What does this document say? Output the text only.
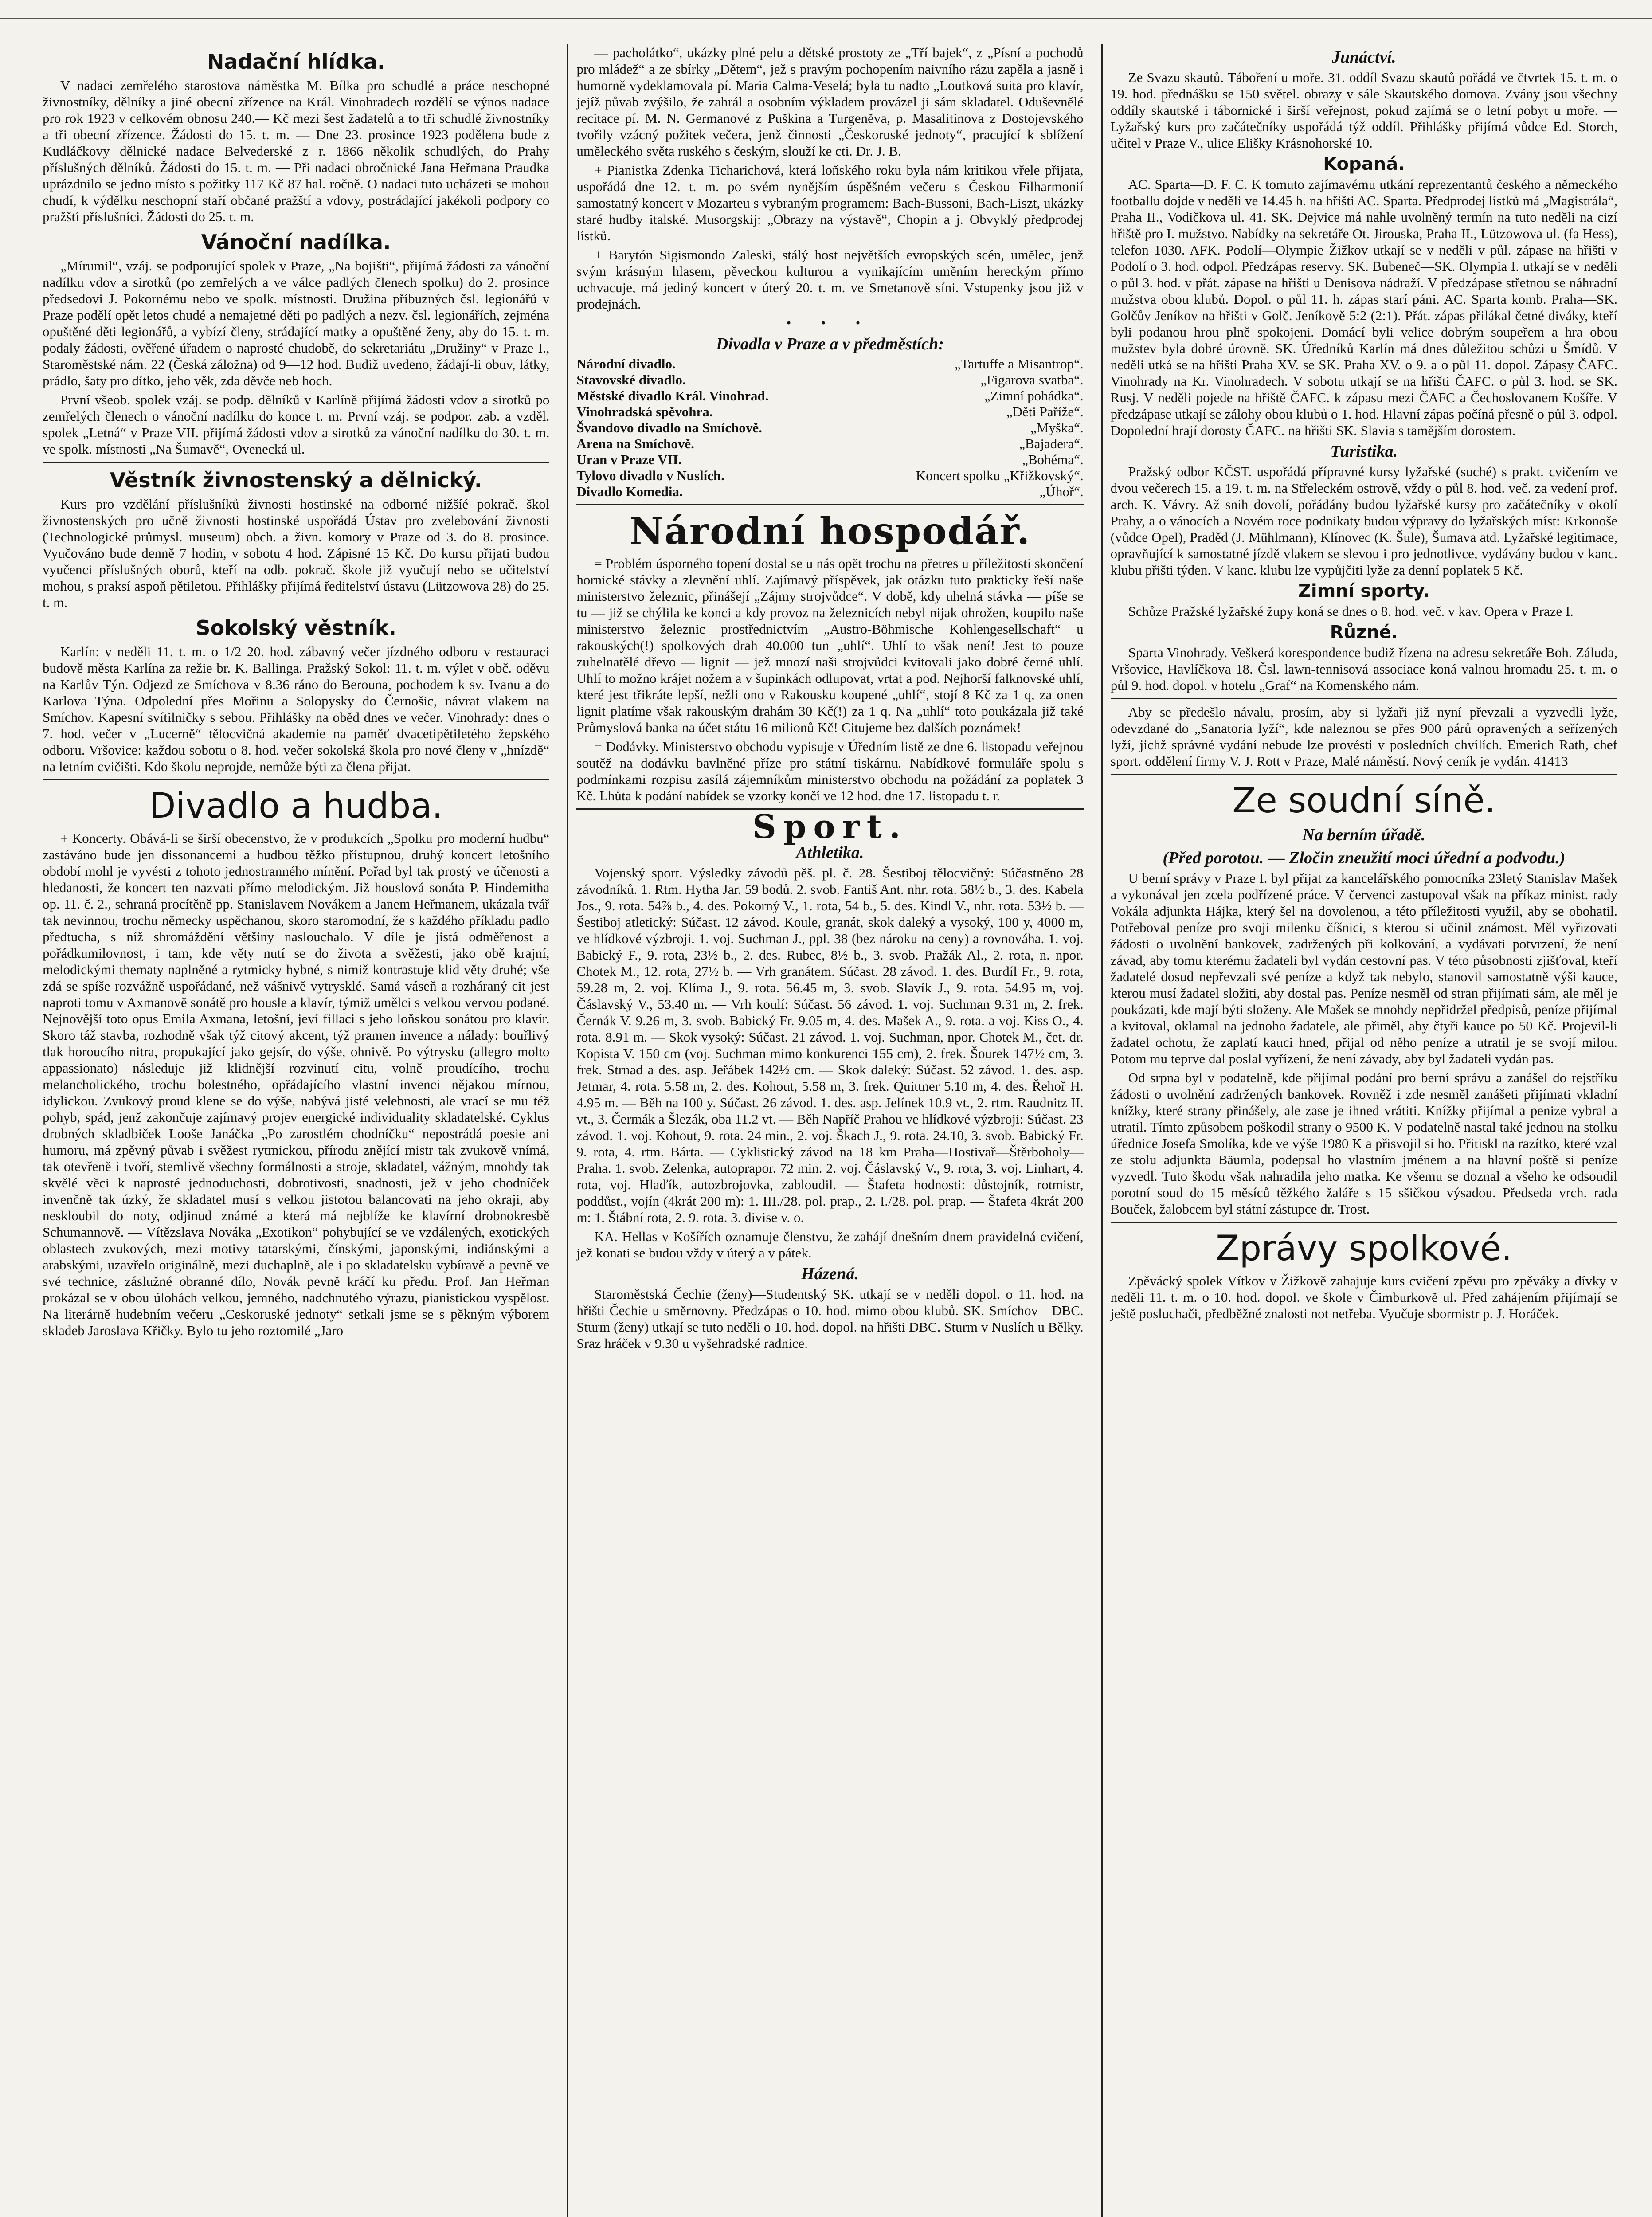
Nadační hlídka.

V nadaci zemřelého starostova náměstka M. Bílka pro schudlé a práce neschopné živnostníky, dělníky a jiné obecní zřízence na Král. Vinohradech rozdělí se výnos nadace pro rok 1923 v celkovém obnosu 240.— Kč mezi šest žadatelů a to tři schudlé živnostníky a tři obecní zřízence. Žádosti do 15. t. m. — Dne 23. prosince 1923 podělena bude z Kudláčkovy dělnické nadace Belvederské z r. 1866 několik schudlých, do Prahy příslušných dělníků. Žádosti do 15. t. m. — Při nadaci obročnické Jana Heřmana Praudka uprázdnilo se jedno místo s požitky 117 Kč 87 hal. ročně. O nadaci tuto ucházeti se mohou chudí, k výdělku neschopní staří občané pražští a vdovy, postrádající jakékoli podpory co pražští příslušníci. Žádosti do 25. t. m.

Vánoční nadílka.

„Mírumil“, vzáj. se podporující spolek v Praze, „Na bojišti“, přijímá žádosti za vánoční nadílku vdov a sirotků (po zemřelých a ve válce padlých členech spolku) do 2. prosince předsedovi J. Pokornému nebo ve spolk. místnosti. Družina příbuzných čsl. legionářů v Praze podělí opět letos chudé a nemajetné děti po padlých a nezv. čsl. legionářích, zejména opuštěné děti legionářů, a vybízí členy, strádající matky a opuštěné ženy, aby do 15. t. m. podaly žádosti, ověřené úřadem o naprosté chudobě, do sekretariátu „Družiny“ v Praze I., Staroměstské nám. 22 (Česká záložna) od 9—12 hod. Budiž uvedeno, žádají-li obuv, látky, prádlo, šaty pro dítko, jeho věk, zda děvče neb hoch.

První všeob. spolek vzáj. se podp. dělníků v Karlíně přijímá žádosti vdov a sirotků po zemřelých členech o vánoční nadílku do konce t. m. První vzáj. se podpor. zab. a vzděl. spolek „Letná“ v Praze VII. přijímá žádosti vdov a sirotků za vánoční nadílku do 30. t. m. ve spolk. místnosti „Na Šumavě“, Ovenecká ul.

Věstník živnostenský a dělnický.

Kurs pro vzdělání příslušníků živnosti hostinské na odborné nižšíé pokrač. škol živnostenských pro učně živnosti hostinské uspořádá Ústav pro zvelebování živnosti (Technologické průmysl. museum) obch. a živn. komory v Praze od 3. do 8. prosince. Vyučováno bude denně 7 hodin, v sobotu 4 hod. Zápisné 15 Kč. Do kursu přijati budou vyučenci příslušných oborů, kteří na odb. pokrač. škole již vyučují nebo se učitelství mohou, s praksí aspoň pětiletou. Přihlášky přijímá ředitelství ústavu (Lützowova 28) do 25. t. m.

Sokolský věstník.

Karlín: v neděli 11. t. m. o 1/2 20. hod. zábavný večer jízdného odboru v restauraci budově města Karlína za režie br. K. Ballinga. Pražský Sokol: 11. t. m. výlet v obč. oděvu na Karlův Týn. Odjezd ze Smíchova v 8.36 ráno do Berouna, pochodem k sv. Ivanu a do Karlova Týna. Odpolední přes Mořinu a Solopysky do Černošic, návrat vlakem na Smíchov. Kapesní svítilničky s sebou. Přihlášky na oběd dnes ve večer. Vinohrady: dnes o 7. hod. večer v „Lucerně“ tělocvičná akademie na paměť dvacetipětiletého žepského odboru. Vršovice: každou sobotu o 8. hod. večer sokolská škola pro nové členy v „hnízdě“ na letním cvičišti. Kdo školu neprojde, nemůže býti za člena přijat.

Divadlo a hudba.

+ Koncerty. Obává-li se širší obecenstvo, že v produkcích „Spolku pro moderní hudbu“ zastáváno bude jen dissonancemi a hudbou těžko přístupnou, druhý koncert letošního období mohl je vyvésti z tohoto jednostranného mínění. Pořad byl tak prostý ve účenosti a hledanosti, že koncert ten nazvati přímo melodickým. Již houslová sonáta P. Hindemitha op. 11. č. 2., sehraná procítěně pp. Stanislavem Novákem a Janem Heřmanem, ukázala tvář tak nevinnou, trochu německy uspěchanou, skoro staromodní, že s každého příkladu padlo předtucha, s níž shromáždění většiny naslouchalo. V díle je jistá odměřenost a pořádkumilovnost, i tam, kde věty nutí se do života a svěžesti, jako obě krajní, melodickými thematy naplněné a rytmicky hybné, s nimiž kontrastuje klid věty druhé; vše zdá se spíše rozvážně uspořádané, než vášnivě vytrysklé. Samá váseň a rozháraný cit jest naproti tomu v Axmanově sonátě pro housle a klavír, týmiž umělci s velkou vervou podané. Nejnovější toto opus Emila Axmana, letošní, jeví fillaci s jeho loňskou sonátou pro klavír. Skoro táž stavba, rozhodně však týž citový akcent, týž pramen invence a nálady: bouřlivý tlak horoucího nitra, propukající jako gejsír, do výše, ohnivě. Po výtrysku (allegro molto appassionato) následuje již klidnější rozvinutí citu, volně proudícího, trochu melancholického, trochu bolestného, opřádajícího vlastní invenci nějakou mírnou, idylickou. Zvukový proud klene se do výše, nabývá jisté velebnosti, ale vrací se mu též pohyb, spád, jenž zakončuje zajímavý projev energické individuality skladatelské. Cyklus drobných skladbiček Looše Janáčka „Po zarostlém chodníčku“ nepostrádá poesie ani humoru, má zpěvný půvab i svěžest rytmickou, přírodu znějící mistr tak zvukově vnímá, tak otevřeně i tvoří, stemlivě všechny formálnosti a stroje, skladatel, vážným, mnohdy tak skvělé věci k naprosté jednoduchosti, dobrotivosti, snadnosti, jež v jeho chodníček invenčně tak úzký, že skladatel musí s velkou jistotou balancovati na jeho okraji, aby neskloubil do noty, odjinud známé a která má nejblíže ke klavírní drobnokresbě Schumannově. — Vítězslava Nováka „Exotikon“ pohybující se ve vzdálených, exotických oblastech zvukových, mezi motivy tatarskými, čínskými, japonskými, indiánskými a arabskými, uzavřelo originálně, mezi duchaplně, ale i po skladatelsku vybíravě a pevně ve své technice, záslužné obranné dílo, Novák pevně kráčí ku předu. Prof. Jan Heřman prokázal se v obou úlohách velkou, jemného, nadchnutého výrazu, pianistickou vyspělost. Na literárně hudebním večeru „Ceskoruské jednoty“ setkali jsme se s pěkným výborem skladeb Jaroslava Křičky. Bylo tu jeho roztomilé „Jaro

— pacholátko“, ukázky plné pelu a dětské prostoty ze „Tří bajek“, z „Písní a pochodů pro mládež“ a ze sbírky „Dětem“, jež s pravým pochopením naivního rázu zapěla a jasně i humorně vydeklamovala pí. Maria Calma-Veselá; byla tu nadto „Loutková suita pro klavír, jejíž půvab zvýšilo, že zahrál a osobním výkladem provázel ji sám skladatel. Oduševnělé recitace pí. M. N. Germanové z Puškina a Turgeněva, p. Masalitinova z Dostojevského tvořily vzácný požitek večera, jenž činnosti „Českoruské jednoty“, pracující k sblížení uměleckého světa ruského s českým, slouží ke cti. Dr. J. B.

+ Pianistka Zdenka Ticharichová, která loňského roku byla nám kritikou vřele přijata, uspořádá dne 12. t. m. po svém nynějším úspěšném večeru s Českou Filharmonií samostatný koncert v Mozarteu s vybraným programem: Bach-Bussoni, Bach-Liszt, ukázky staré hudby italské. Musorgskij: „Obrazy na výstavě“, Chopin a j. Obvyklý předprodej lístků.

+ Barytón Sigismondo Zaleski, stálý host největších evropských scén, umělec, jenž svým krásným hlasem, pěveckou kulturou a vynikajícím uměním hereckým přímo uchvacuje, má jediný koncert v úterý 20. t. m. ve Smetanově síni. Vstupenky jsou již v prodejnách.

• • •
Divadla v Praze a v předměstích:
Národní divadlo.	„Tartuffe a Misantrop“.
Stavovské divadlo.	„Figarova svatba“.
Městské divadlo Král. Vinohrad.	„Zimní pohádka“.
Vinohradská spěvohra.	„Děti Paříže“.
Švandovo divadlo na Smíchově.	„Myška“.
Arena na Smíchově.	„Bajadera“.
Uran v Praze VII.	„Bohéma“.
Tylovo divadlo v Nuslích.	Koncert spolku „Křižkovský“.
Divadlo Komedia.	„Úhoř“.
Národní hospodář.

= Problém úsporného topení dostal se u nás opět trochu na přetres u příležitosti skončení hornické stávky a zlevnění uhlí. Zajímavý příspěvek, jak otázku tuto prakticky řeší naše ministerstvo železnic, přinášejí „Zájmy strojvůdce“. V době, kdy uhelná stávka — píše se tu — již se chýlila ke konci a kdy provoz na železnicích nebyl nijak ohrožen, koupilo naše ministerstvo železnic prostřednictvím „Austro-Böhmische Kohlengesellschaft“ u rakouských(!) spolkových drah 40.000 tun „uhlí“. Uhlí to však není! Jest to pouze zuhelnatělé dřevo — lignit — jež mnozí naši strojvůdci kvitovali jako dobré černé uhlí. Uhlí to možno krájet nožem a v šupinkách odlupovat, vrtat a pod. Nejhorší falknovské uhlí, které jest třikráte lepší, nežli ono v Rakousku koupené „uhlí“, stojí 8 Kč za 1 q, za onen lignit platíme však rakouským drahám 30 Kč(!) za 1 q. Na „uhlí“ toto poukázala již také Průmyslová banka na účet státu 16 milionů Kč! Citujeme bez dalších poznámek!

= Dodávky. Ministerstvo obchodu vypisuje v Úředním listě ze dne 6. listopadu veřejnou soutěž na dodávku bavlněné příze pro státní tiskárnu. Nabídkové formuláře spolu s podmínkami rozpisu zasílá zájemníkům ministerstvo obchodu na požádání za poplatek 3 Kč. Lhůta k podání nabídek se vzorky končí ve 12 hod. dne 17. listopadu t. r.

Sport.
Athletika.

Vojenský sport. Výsledky závodů pěš. pl. č. 28. Šestiboj tělocvičný: Súčastněno 28 závodníků. 1. Rtm. Hytha Jar. 59 bodů. 2. svob. Fantiš Ant. nhr. rota. 58½ b., 3. des. Kabela Jos., 9. rota. 54⅞ b., 4. des. Pokorný V., 1. rota, 54 b., 5. des. Kindl V., nhr. rota. 53½ b. — Šestiboj atletický: Súčast. 12 závod. Koule, granát, skok daleký a vysoký, 100 y, 4000 m, ve hlídkové výzbroji. 1. voj. Suchman J., ppl. 38 (bez nároku na ceny) a rovnováha. 1. voj. Babický F., 9. rota, 23½ b., 2. des. Rubec, 8½ b., 3. svob. Pražák Al., 2. rota, n. npor. Chotek M., 12. rota, 27½ b. — Vrh granátem. Súčast. 28 závod. 1. des. Burdíl Fr., 9. rota, 59.28 m, 2. voj. Klíma J., 9. rota. 56.45 m, 3. svob. Slavík J., 9. rota. 54.95 m, voj. Čáslavský V., 53.40 m. — Vrh koulí: Súčast. 56 závod. 1. voj. Suchman 9.31 m, 2. frek. Černák V. 9.26 m, 3. svob. Babický Fr. 9.05 m, 4. des. Mašek A., 9. rota. a voj. Kiss O., 4. rota. 8.91 m. — Skok vysoký: Súčast. 21 závod. 1. voj. Suchman, npor. Chotek M., čet. dr. Kopista V. 150 cm (voj. Suchman mimo konkurenci 155 cm), 2. frek. Šourek 147½ cm, 3. frek. Strnad a des. asp. Jeřábek 142½ cm. — Skok daleký: Súčast. 52 závod. 1. des. asp. Jetmar, 4. rota. 5.58 m, 2. des. Kohout, 5.58 m, 3. frek. Quittner 5.10 m, 4. des. Řehoř H. 4.95 m. — Běh na 100 y. Súčast. 26 závod. 1. des. asp. Jelínek 10.9 vt., 2. rtm. Raudnitz II. vt., 3. Čermák a Šlezák, oba 11.2 vt. — Běh Napříč Prahou ve hlídkové výzbroji: Súčast. 23 závod. 1. voj. Kohout, 9. rota. 24 min., 2. voj. Škach J., 9. rota. 24.10, 3. svob. Babický Fr. 9. rota, 4. rtm. Bárta. — Cyklistický závod na 18 km Praha—Hostivař—Štěrboholy—Praha. 1. svob. Zelenka, autoprapor. 72 min. 2. voj. Čáslavský V., 9. rota, 3. voj. Linhart, 4. rota, voj. Hlaďík, autozbrojovka, zabloudil. — Štafeta hodnosti: důstojník, rotmistr, poddůst., vojín (4krát 200 m): 1. III./28. pol. prap., 2. I./28. pol. prap. — Štafeta 4krát 200 m: 1. Štábní rota, 2. 9. rota. 3. divise v. o.

KA. Hellas v Košířích oznamuje členstvu, že zahájí dnešním dnem pravidelná cvičení, jež konati se budou vždy v úterý a v pátek.

Házená.

Staroměstská Čechie (ženy)—Studentský SK. utkají se v neděli dopol. o 11. hod. na hřišti Čechie u směrnovny. Předzápas o 10. hod. mimo obou klubů. SK. Smíchov—DBC. Sturm (ženy) utkají se tuto neděli o 10. hod. dopol. na hřišti DBC. Sturm v Nuslích u Bělky. Sraz hráček v 9.30 u vyšehradské radnice.

Junáctví.

Ze Svazu skautů. Táboření u moře. 31. oddíl Svazu skautů pořádá ve čtvrtek 15. t. m. o 19. hod. přednášku se 150 světel. obrazy v sále Skautského domova. Zvány jsou všechny oddíly skautské i tábornické i širší veřejnost, pokud zajímá se o letní pobyt u moře. — Lyžařský kurs pro začátečníky uspořádá týž oddíl. Přihlášky přijímá vůdce Ed. Storch, učitel v Praze V., ulice Elišky Krásnohorské 10.

Kopaná.

AC. Sparta—D. F. C. K tomuto zajímavému utkání reprezentantů českého a německého footballu dojde v neděli ve 14.45 h. na hřišti AC. Sparta. Předprodej lístků má „Magistrála“, Praha II., Vodičkova ul. 41. SK. Dejvice má nahle uvolněný termín na tuto neděli na cizí hřiště pro I. mužstvo. Nabídky na sekretáře Ot. Jirouska, Praha II., Lützowova ul. (fa Hess), telefon 1030. AFK. Podolí—Olympie Žižkov utkají se v neděli v půl. zápase na hřišti v Podolí o 3. hod. odpol. Předzápas reservy. SK. Bubeneč—SK. Olympia I. utkají se v neděli o půl 3. hod. v přát. zápase na hřišti u Denisova nádraží. V předzápase střetnou se náhradní mužstva obou klubů. Dopol. o půl 11. h. zápas starí páni. AC. Sparta komb. Praha—SK. Golčův Jeníkov na hřišti v Golč. Jeníkově 5:2 (2:1). Přát. zápas přilákal četné diváky, kteří byli podanou hrou plně spokojeni. Domácí byli velice dobrým soupeřem a hra obou mužstev byla dobré úrovně. SK. Úředníků Karlín má dnes důležitou schůzi u Šmídů. V neděli utká se na hřišti Praha XV. se SK. Praha XV. o 9. a o půl 11. dopol. Zápasy ČAFC. Vinohrady na Kr. Vinohradech. V sobotu utkají se na hřišti ČAFC. o půl 3. hod. se SK. Rusj. V neděli pojede na hřiště ČAFC. k zápasu mezi ČAFC a Čechoslovanem Košíře. V předzápase utkají se zálohy obou klubů o 1. hod. Hlavní zápas počíná přesně o půl 3. odpol. Dopolední hrají dorosty ČAFC. na hřišti SK. Slavia s tamějším dorostem.

Turistika.

Pražský odbor KČST. uspořádá přípravné kursy lyžařské (suché) s prakt. cvičením ve dvou večerech 15. a 19. t. m. na Střeleckém ostrově, vždy o půl 8. hod. več. za vedení prof. arch. K. Vávry. Až snih dovolí, pořádány budou lyžařské kursy pro začátečníky v okolí Prahy, a o vánocích a Novém roce podnikaty budou výpravy do lyžařských míst: Krkonoše (vůdce Opel), Praděd (J. Mühlmann), Klínovec (K. Šule), Šumava atd. Lyžařské legitimace, opravňující k samostatné jízdě vlakem se slevou i pro jednotlivce, vydávány budou v kanc. klubu přišti týden. V kanc. klubu lze vypůjčiti lyže za denní poplatek 5 Kč.

Zimní sporty.

Schůze Pražské lyžařské župy koná se dnes o 8. hod. več. v kav. Opera v Praze I.

Různé.

Sparta Vinohrady. Veškerá korespondence budiž řízena na adresu sekretáře Boh. Záluda, Vršovice, Havlíčkova 18. Čsl. lawn-tennisová associace koná valnou hromadu 25. t. m. o půl 9. hod. dopol. v hotelu „Graf“ na Komenského nám.

Aby se předešlo návalu, prosím, aby si lyžaři již nyní převzali a vyzvedli lyže, odevzdané do „Sanatoria lyží“, kde naleznou se přes 900 párů opravených a seřízených lyží, jichž správné vydání nebude lze provésti v posledních chvílích. Emerich Rath, chef sport. oddělení firmy V. J. Rott v Praze, Malé náměstí. Nový ceník je vydán. 41413

Ze soudní síně.
Na berním úřadě.
(Před porotou. — Zločin zneužití moci úřední a podvodu.)

U berní správy v Praze I. byl přijat za kancelářského pomocníka 23letý Stanislav Mašek a vykonával jen zcela podřízené práce. V červenci zastupoval však na příkaz minist. rady Vokála adjunkta Hájka, který šel na dovolenou, a této příležitosti využil, aby se obohatil. Potřeboval peníze pro svoji milenku číšnici, s kterou si učinil známost. Měl vyřizovati žádosti o uvolnění bankovek, zadržených při kolkování, a vydávati potvrzení, že není závad, aby tomu kterému žadateli byl vydán cestovní pas. V této působnosti zjišťoval, kteří žadatelé dosud nepřevzali své peníze a když tak nebylo, stanovil samostatně výši kauce, kterou musí žadatel složiti, aby dostal pas. Peníze nesměl od stran přijímati sám, ale měl je poukázati, kde mají býti složeny. Ale Mašek se mnohdy nepřidržel předpisů, peníze přijímal a kvitoval, oklamal na jednoho žadatele, ale přiměl, aby čtyři kauce po 50 Kč. Projevil-li žadatel ochotu, že zaplatí kauci hned, přijal od něho peníze a utratil je se svojí milou. Potom mu teprve dal poslal vyřízení, že není závady, aby byl žadateli vydán pas.

Od srpna byl v podatelně, kde přijímal podání pro berní správu a zanášel do rejstříku žádosti o uvolnění zadržených bankovek. Rovněž i zde nesměl zanášeti přijímati vkladní knížky, které strany přinášely, ale zase je ihned vrátiti. Knížky přijímal a penize vybral a utratil. Tímto způsobem poškodil strany o 9500 K. V podatelně nastal také jednou na stolku úřednice Josefa Smolíka, kde ve výše 1980 K a přisvojil si ho. Přitiskl na razítko, které vzal ze stolu adjunkta Bäumla, podepsal ho vlastním jménem a na hlavní poště si peníze vyzvedl. Tuto škodu však nahradila jeho matka. Ke všemu se doznal a všeho ke odsoudil porotní soud do 15 měsíců těžkého žaláře s 15 sšičkou výsadou. Předseda vrch. rada Bouček, žalobcem byl státní zástupce dr. Trost.

Zprávy spolkové.

Zpěvácký spolek Vítkov v Žižkově zahajuje kurs cvičení zpěvu pro zpěváky a dívky v neděli 11. t. m. o 10. hod. dopol. ve škole v Čimburkově ul. Před zahájením přijímají se ještě posluchači, předběžné znalosti not netřeba. Vyučuje sbormistr p. J. Horáček.
